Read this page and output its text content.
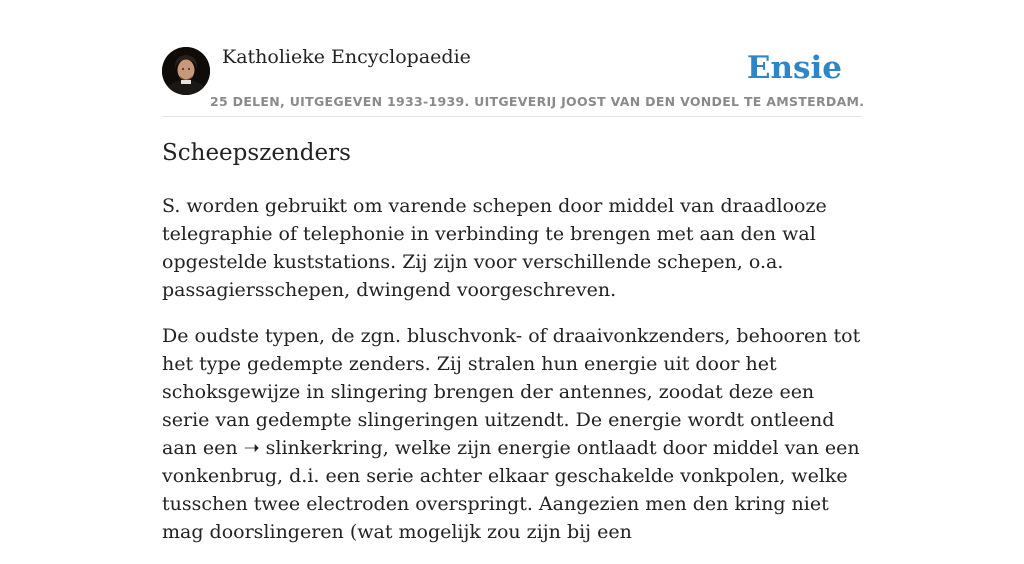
Katholieke Encyclopaedie
25 DELEN, UITGEGEVEN 1933-1939. UITGEVERIJ JOOST VAN DEN VONDEL TE AMSTERDAM.
Ensie
Scheepszenders

S. worden gebruikt om varende schepen door middel van draadlooze telegraphie of telephonie in verbinding te brengen met aan den wal opgestelde kuststations. Zij zijn voor verschillende schepen, o.a. passagiersschepen, dwingend voorgeschreven.

De oudste typen, de zgn. bluschvonk- of draaivonkzenders, behooren tot het type gedempte zenders. Zij stralen hun energie uit door het schoksgewijze in slingering brengen der antennes, zoodat deze een serie van gedempte slingeringen uitzendt. De energie wordt ontleend aan een ➝ slinkerkring, welke zijn energie ontlaadt door middel van een vonkenbrug, d.i. een serie achter elkaar geschakelde vonkpolen, welke tusschen twee electroden overspringt. Aangezien men den kring niet mag doorslingeren (wat mogelijk zou zijn bij een
